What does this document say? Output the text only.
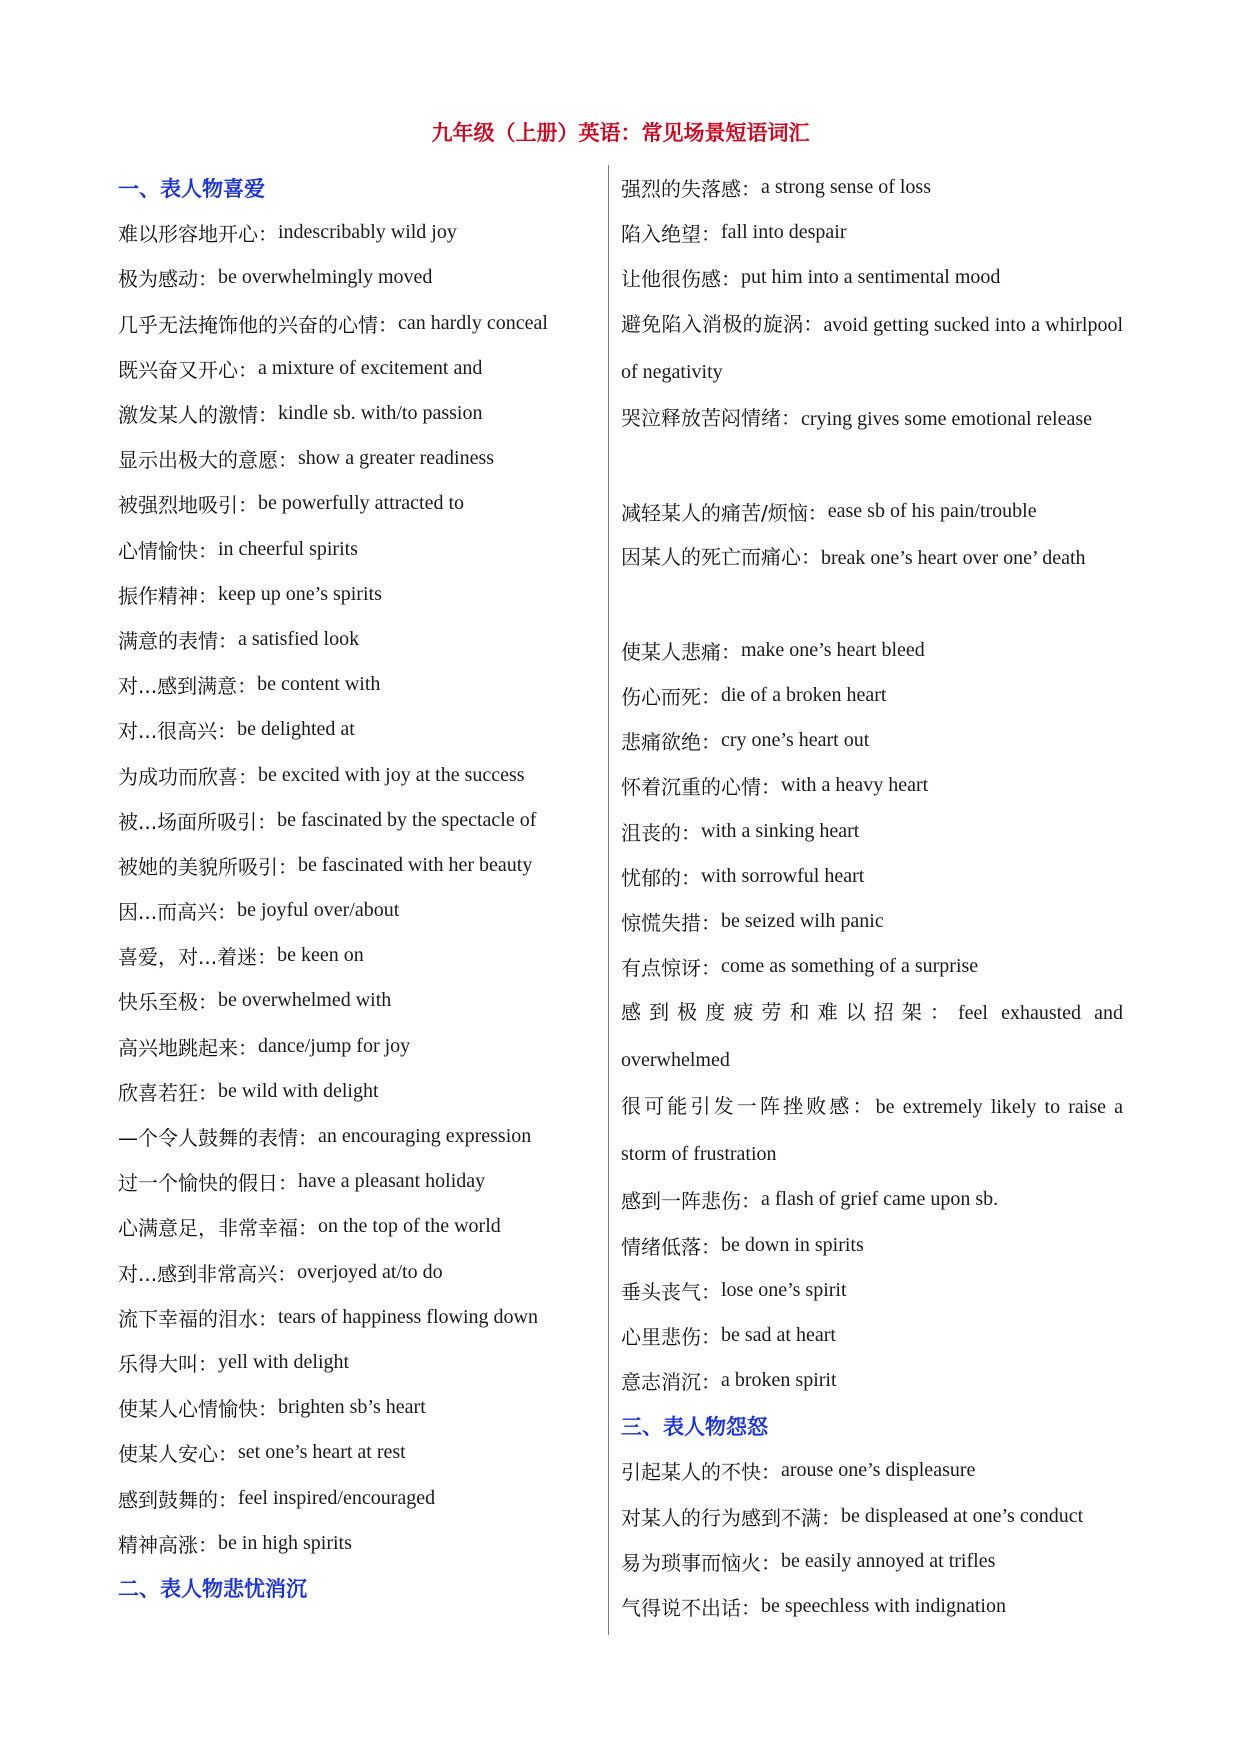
九年级（上册）英语：常见场景短语词汇
一、表人物喜爱
难以形容地开心： indescribably wild joy
极为感动： be overwhelmingly moved
几乎无法掩饰他的兴奋的心情： can hardly conceal
既兴奋又开心： a mixture of excitement and
激发某人的激情： kindle sb. with/to passion
显示出极大的意愿： show a greater readiness
被强烈地吸引： be powerfully attracted to
心情愉快： in cheerful spirits
振作精神： keep up one’s spirits
满意的表情： a satisfied look
对...感到满意： be content with
对...很高兴： be delighted at
为成功而欣喜： be excited with joy at the success
被...场面所吸引： be fascinated by the spectacle of
被她的美貌所吸引： be fascinated with her beauty
因...而高兴： be joyful over/about
喜爱，对...着迷： be keen on
快乐至极： be overwhelmed with
高兴地跳起来： dance/jump for joy
欣喜若狂： be wild with delight
—个令人鼓舞的表情： an encouraging expression
过一个愉快的假日： have a pleasant holiday
心满意足，非常幸福： on the top of the world
对...感到非常高兴： overjoyed at/to do
流下幸福的泪水： tears of happiness flowing down
乐得大叫： yell with delight
使某人心情愉快： brighten sb’s heart
使某人安心： set one’s heart at rest
感到鼓舞的： feel inspired/encouraged
精神高涨： be in high spirits
二、表人物悲忧消沉
强烈的失落感： a strong sense of loss
陷入绝望： fall into despair
让他很伤感： put him into a sentimental mood
避免陷入消极的旋涡：avoid getting sucked into a whirlpool of negativity
哭泣释放苦闷情绪：crying gives some emotional release
减轻某人的痛苦/烦恼： ease sb of his pain/trouble
因某人的死亡而痛心：break one’s heart over one’ death
使某人悲痛： make one’s heart bleed
伤心而死： die of a broken heart
悲痛欲绝： cry one’s heart out
怀着沉重的心情： with a heavy heart
沮丧的： with a sinking heart
忧郁的： with sorrowful heart
惊慌失措： be seized wilh panic
有点惊讶： come as something of a surprise
感到极度疲劳和难以招架：feel exhausted and overwhelmed
很可能引发一阵挫败感：be extremely likely to raise a storm of frustration
感到一阵悲伤： a flash of grief came upon sb.
情绪低落： be down in spirits
垂头丧气： lose one’s spirit
心里悲伤： be sad at heart
意志消沉： a broken spirit
三、表人物怨怒
引起某人的不快： arouse one’s displeasure
对某人的行为感到不满： be displeased at one’s conduct
易为琐事而恼火： be easily annoyed at trifles
气得说不出话： be speechless with indignation
